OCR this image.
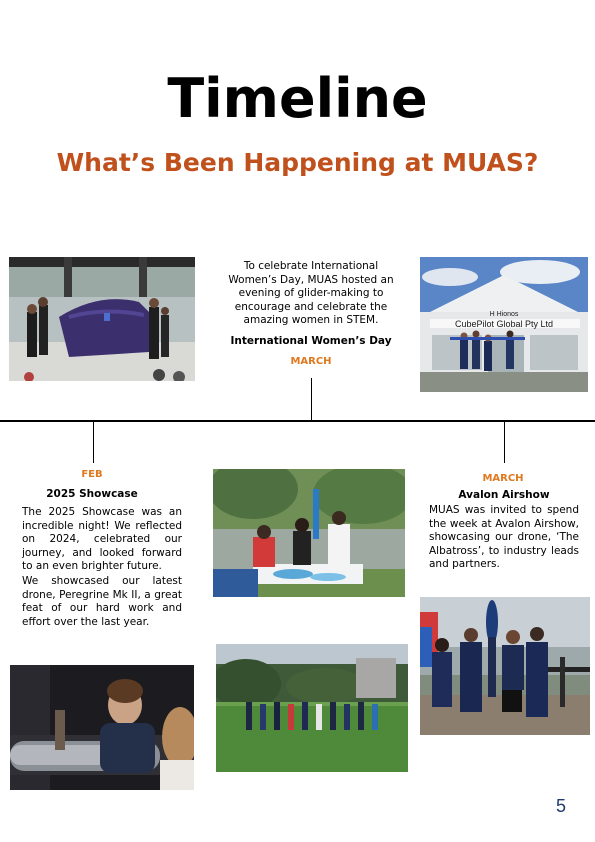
Timeline
What’s Been Happening at MUAS?
To celebrate International Women’s Day, MUAS hosted an evening of glider-making to encourage and celebrate the amazing women in STEM.
International Women’s Day
MARCH
H Hionos
CubePilot Global Pty Ltd
FEB
2025 Showcase
The 2025 Showcase was an incredible night! We reflected on 2024, celebrated our journey, and looked forward to an even brighter future.
We showcased our latest drone, Peregrine Mk II, a great feat of our hard work and effort over the last year.
MARCH
Avalon Airshow
MUAS was invited to spend the week at Avalon Airshow, showcasing our drone, ‘The Albatross’, to industry leads and partners.
5
